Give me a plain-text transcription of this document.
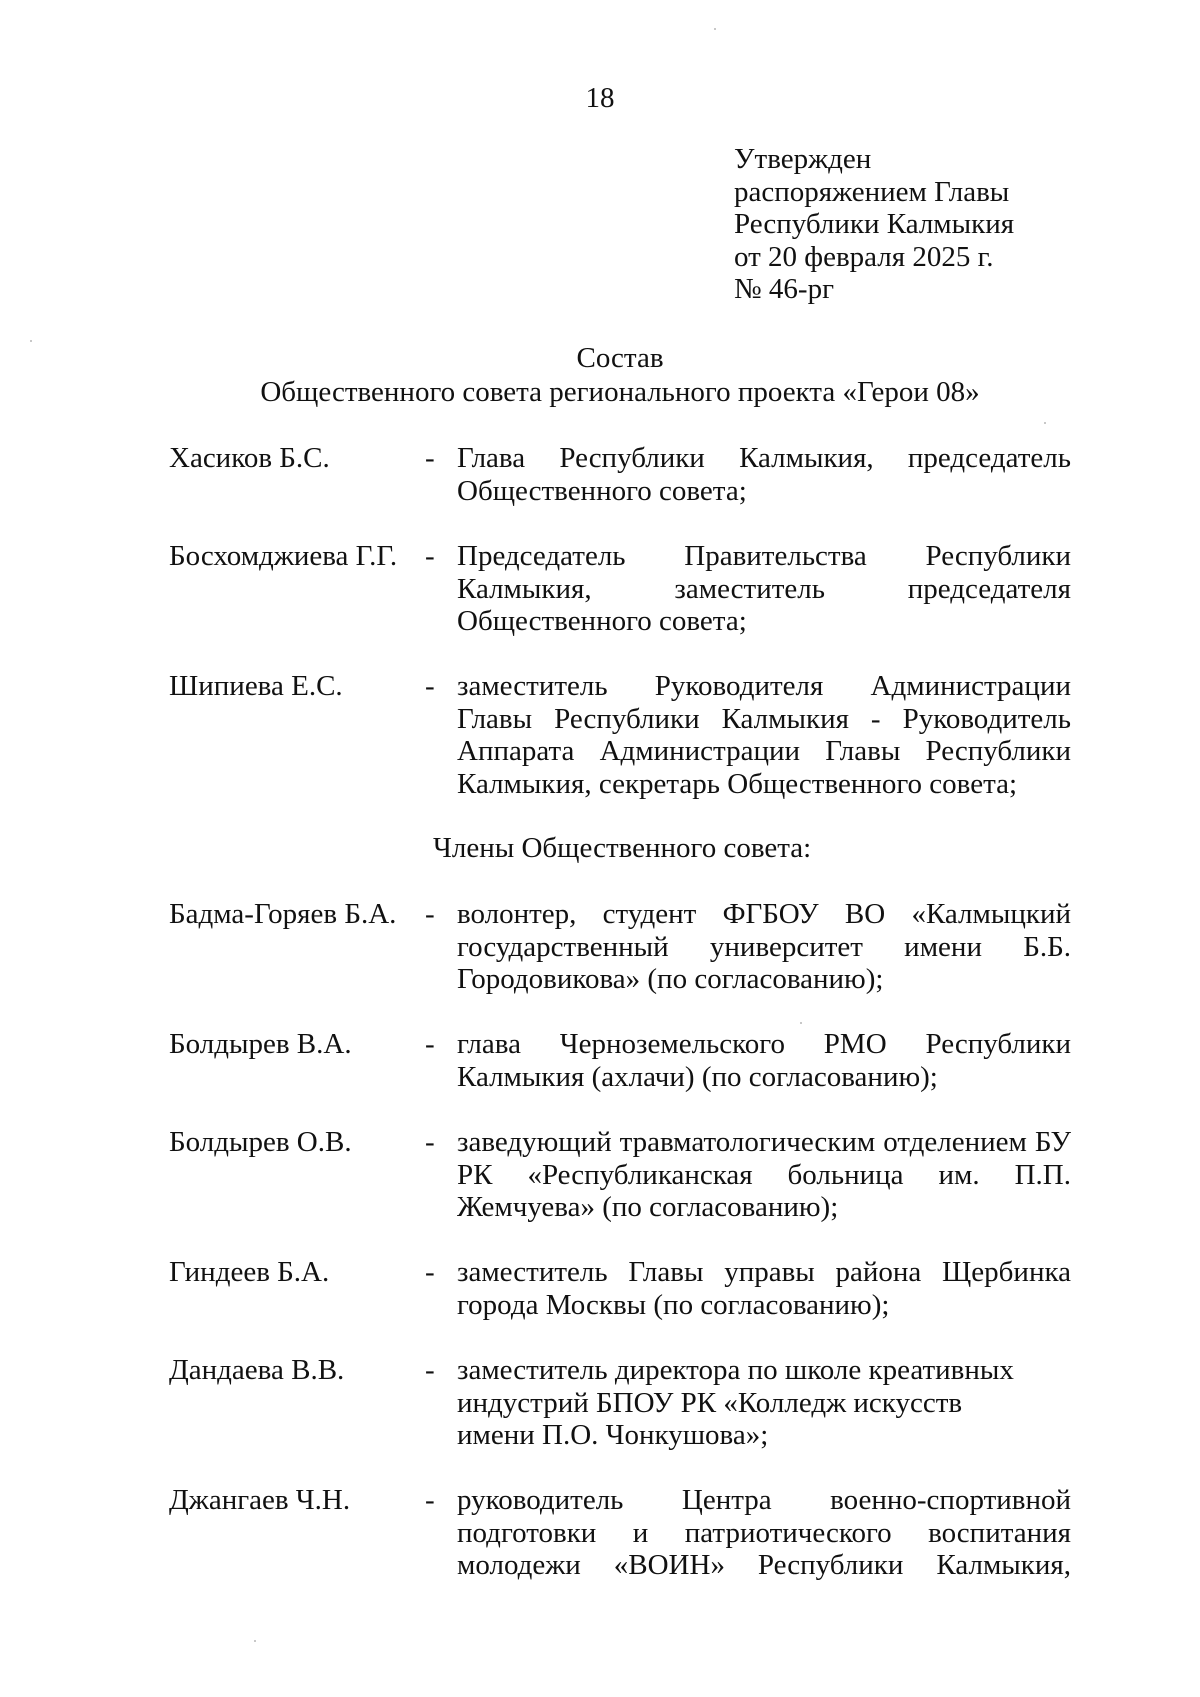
18
Утвержден
распоряжением Главы
Республики Калмыкия
от 20 февраля 2025 г.
№ 46-рг
Состав
Общественного совета регионального проекта «Герои 08»
Хасиков Б.С.	- Глава Республики Калмыкия, председатель Общественного совета;
Босхомджиева Г.Г. - Председатель Правительства Республики Калмыкия, заместитель председателя Общественного совета;
Шипиева Е.С.	- заместитель Руководителя Администрации Главы Республики Калмыкия - Руководитель Аппарата Администрации Главы Республики Калмыкия, секретарь Общественного совета;
Члены Общественного совета:
Бадма-Горяев Б.А. - волонтер, студент ФГБОУ ВО «Калмыцкий государственный университет имени Б.Б. Городовикова» (по согласованию);
Болдырев В.А.	- глава Черноземельского РМО Республики Калмыкия (ахлачи) (по согласованию);
Болдырев О.В.	- заведующий травматологическим отделением БУ РК «Республиканская больница им. П.П. Жемчуева» (по согласованию);
Гиндеев Б.А.	- заместитель Главы управы района Щербинка города Москвы (по согласованию);
Дандаева В.В.	- заместитель директора по школе креативных индустрий БПОУ РК «Колледж искусств имени П.О. Чонкушова»;
Джангаев Ч.Н.	- руководитель Центра военно-спортивной подготовки и патриотического воспитания молодежи «ВОИН» Республики Калмыкия,
